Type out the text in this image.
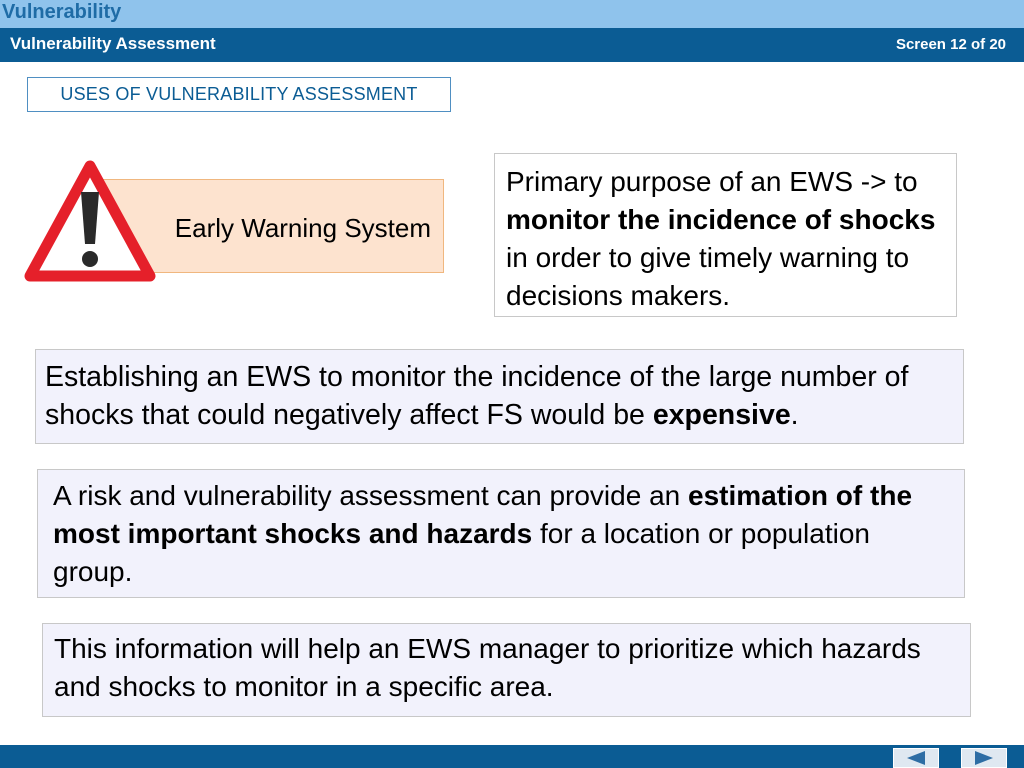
Vulnerability
Vulnerability Assessment	Screen 12 of 20
USES OF VULNERABILITY ASSESSMENT
Early Warning System
Primary purpose of an EWS -> to monitor the incidence of shocks in order to give timely warning to decisions makers.
Establishing an EWS to monitor the incidence of the large number of shocks that could negatively affect FS would be expensive.
A risk and vulnerability assessment can provide an estimation of the most important shocks and hazards for a location or population group.
This information will help an EWS manager to prioritize which hazards and shocks to monitor in a specific area.
